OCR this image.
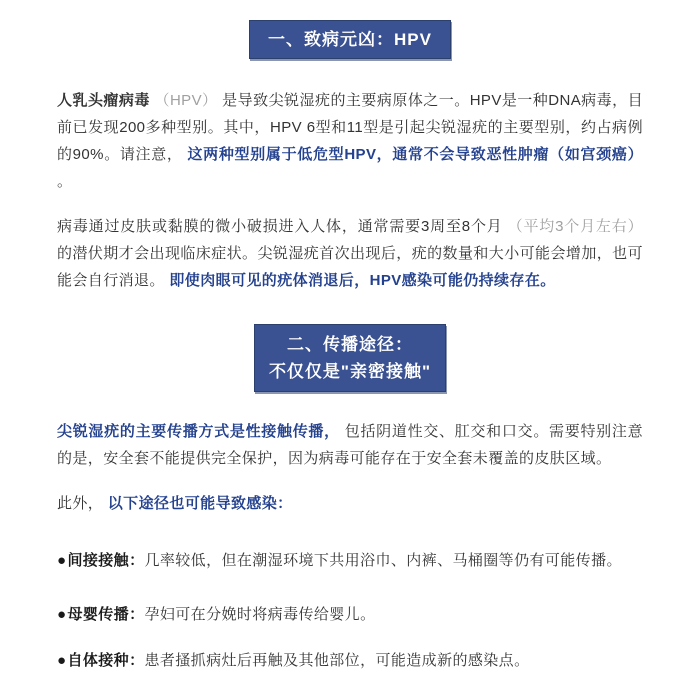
一、致病元凶：HPV

人乳头瘤病毒 （HPV） 是导致尖锐湿疣的主要病原体之一。HPV是一种DNA病毒，目前已发现200多种型别。其中，HPV 6型和11型是引起尖锐湿疣的主要型别，约占病例的90%。请注意， 这两种型别属于低危型HPV，通常不会导致恶性肿瘤（如宫颈癌） 。

病毒通过皮肤或黏膜的微小破损进入人体，通常需要3周至8个月 （平均3个月左右） 的潜伏期才会出现临床症状。尖锐湿疣首次出现后，疣的数量和大小可能会增加，也可能会自行消退。 即使肉眼可见的疣体消退后，HPV感染可能仍持续存在。

二、传播途径：
不仅仅是"亲密接触"

尖锐湿疣的主要传播方式是性接触传播， 包括阴道性交、肛交和口交。需要特别注意的是，安全套不能提供完全保护，因为病毒可能存在于安全套未覆盖的皮肤区域。

此外， 以下途径也可能导致感染：

●间接接触：几率较低，但在潮湿环境下共用浴巾、内裤、马桶圈等仍有可能传播。

●母婴传播：孕妇可在分娩时将病毒传给婴儿。

●自体接种：患者搔抓病灶后再触及其他部位，可能造成新的感染点。
